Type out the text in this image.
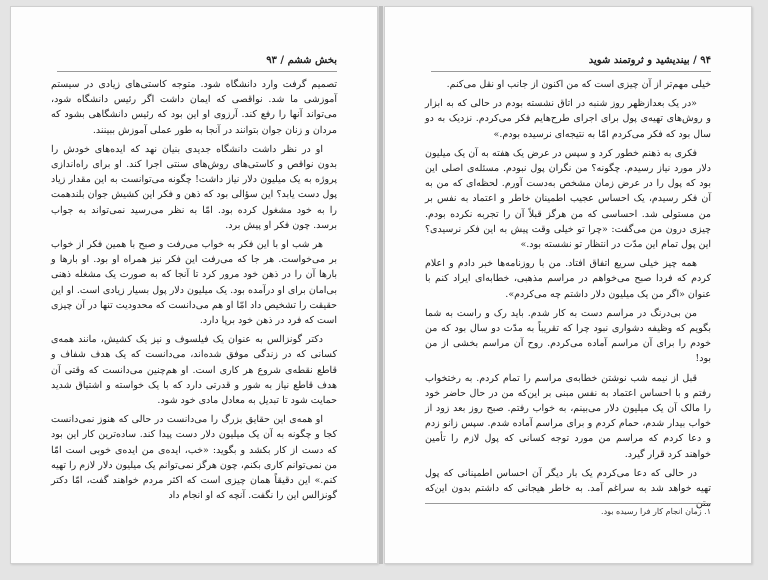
بخش ششم / ۹۳

تصمیم گرفت وارد دانشگاه شود. متوجه کاستی‌های زیادی در سیستم آموزشی ما شد. نواقصی که ایمان داشت اگر رئیس دانشگاه شود، می‌تواند آنها را رفع کند. آرزوی او این بود که رئیس دانشگاهی بشود که مردان و زنان جوان بتوانند در آنجا به طور عملی آموزش ببینند.

او در نظر داشت دانشگاه جدیدی بنیان نهد که ایده‌های خودش را بدون نواقص و کاستی‌های روش‌های سنتی اجرا کند. او برای راه‌اندازی پروژه به یک میلیون دلار نیاز داشت! چگونه می‌توانست به این مقدار زیاد پول دست یابد؟ این سؤالی بود که ذهن و فکر این کشیش جوان بلندهمت را به خود مشغول کرده بود. امّا به نظر می‌رسید نمی‌تواند به جواب برسد. چون فکر او پیش برد.

هر شب او با این فکر به خواب می‌رفت و صبح با همین فکر از خواب بر می‌خواست. هر جا که می‌رفت این فکر نیز همراه او بود. او بارها و بارها آن را در ذهن خود مرور کرد تا آنجا که به صورت یک مشغله ذهنی بی‌امان برای او درآمده بود. یک میلیون دلار پول بسیار زیادی است. او این حقیقت را تشخیص داد امّا او هم می‌دانست که محدودیت تنها در آن چیزی است که فرد در ذهن خود برپا دارد.

دکتر گونزالس به عنوان یک فیلسوف و نیز یک کشیش، مانند همه‌ی کسانی که در زندگی موفق شده‌اند، می‌دانست که یک هدف شفاف و قاطع نقطه‌ی شروع هر کاری است. او هم‌چنین می‌دانست که وقتی آن هدف قاطع نیاز به شور و قدرتی دارد که با یک خواسته و اشتیاق شدید حمایت شود تا تبدیل به معادل مادی خود شود.

او همه‌ی این حقایق بزرگ را می‌دانست در حالی که هنوز نمی‌دانست کجا و چگونه به آن یک میلیون دلار دست پیدا کند. ساده‌ترین کار این بود که دست از کار بکشد و بگوید: «خب، ایده‌ی من ایده‌ی خوبی است امّا من نمی‌توانم کاری بکنم، چون هرگز نمی‌توانم یک میلیون دلار لازم را تهیه کنم.» این دقیقاً همان چیزی است که اکثر مردم خواهند گفت، امّا دکتر گونزالس این را نگفت. آنچه که او انجام داد

۹۴ / بیندیشید و ثروتمند شوید

خیلی مهم‌تر از آن چیزی است که من اکنون از جانب او نقل می‌کنم.

«در یک بعدازظهر روز شنبه در اتاق نشسته بودم در حالی که به ابزار و روش‌های تهیه‌ی پول برای اجرای طرح‌هایم فکر می‌کردم. نزدیک به دو سال بود که فکر می‌کردم امّا به نتیجه‌ای نرسیده بودم.»

فکری به ذهنم خطور کرد و سپس در عرض یک هفته به آن یک میلیون دلار مورد نیاز رسیدم. چگونه؟ من نگران پول نبودم. مسئله‌ی اصلی این بود که پول را در عرض زمان مشخص به‌دست آورم. لحظه‌ای که من به آن فکر رسیدم، یک احساس عجیب اطمینان خاطر و اعتماد به نفس بر من مستولی شد. احساسی که من هرگز قبلاً آن را تجربه نکرده بودم. چیزی درون من می‌گفت: «چرا تو خیلی وقت پیش به این فکر نرسیدی؟ این پول تمام این مدّت در انتظار تو نشسته بود.»

همه چیز خیلی سریع اتفاق افتاد. من با روزنامه‌ها خبر دادم و اعلام کردم که فردا صبح می‌خواهم در مراسم مذهبی، خطابه‌ای ایراد کنم با عنوان «اگر من یک میلیون دلار داشتم چه می‌کردم».

من بی‌درنگ در مراسم دست به کار شدم. باید رک و راست به شما بگویم که وظیفه دشواری نبود چرا که تقریباً به مدّت دو سال بود که من خودم را برای آن مراسم آماده می‌کردم. روح آن مراسم بخشی از من بود!

قبل از نیمه شب نوشتن خطابه‌ی مراسم را تمام کردم. به رختخواب رفتم و با احساس اعتماد به نفس مبنی بر این‌که من در حال حاضر خود را مالک آن یک میلیون دلار می‌بینم، به خواب رفتم. صبح روز بعد زود از خواب بیدار شدم، حمام کردم و برای مراسم آماده شدم. سپس زانو زدم و دعا کردم که مراسم من مورد توجه کسانی که پول لازم را تأمین خواهند کرد قرار گیرد.

در حالی که دعا می‌کردم یک بار دیگر آن احساس اطمینانی که پول تهیه خواهد شد به سراغم آمد. به خاطر هیجانی که داشتم بدون این‌که متن

۱. زمان انجام کار فرا رسیده بود.
